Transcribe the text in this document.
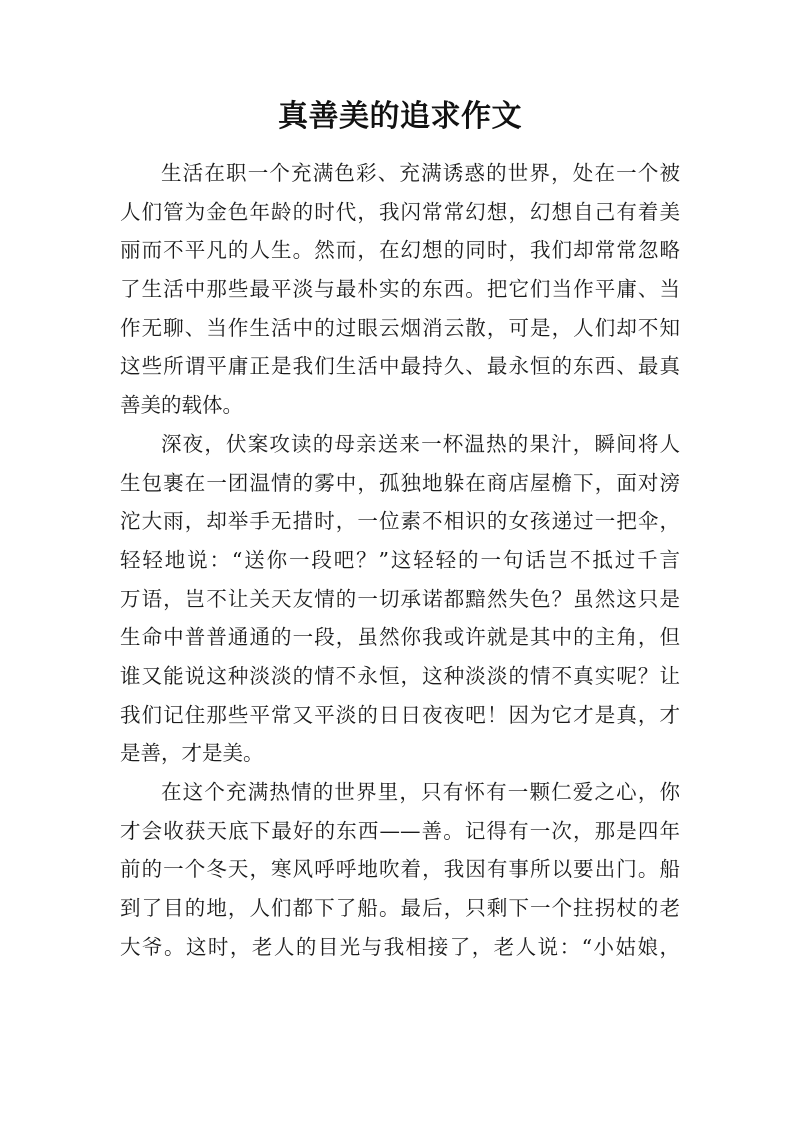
真善美的追求作文
生活在职一个充满色彩、充满诱惑的世界，处在一个被
人们管为金色年龄的时代，我闪常常幻想，幻想自己有着美
丽而不平凡的人生。然而，在幻想的同时，我们却常常忽略
了生活中那些最平淡与最朴实的东西。把它们当作平庸、当
作无聊、当作生活中的过眼云烟消云散，可是，人们却不知
这些所谓平庸正是我们生活中最持久、最永恒的东西、最真
善美的载体。
深夜，伏案攻读的母亲送来一杯温热的果汁，瞬间将人
生包裹在一团温情的雾中，孤独地躲在商店屋檐下，面对滂
沱大雨，却举手无措时，一位素不相识的女孩递过一把伞，
轻轻地说：“送你一段吧？”这轻轻的一句话岂不抵过千言
万语，岂不让关天友情的一切承诺都黯然失色？虽然这只是
生命中普普通通的一段，虽然你我或许就是其中的主角，但
谁又能说这种淡淡的情不永恒，这种淡淡的情不真实呢？让
我们记住那些平常又平淡的日日夜夜吧！因为它才是真，才
是善，才是美。
在这个充满热情的世界里，只有怀有一颗仁爱之心，你
才会收获天底下最好的东西——善。记得有一次，那是四年
前的一个冬天，寒风呼呼地吹着，我因有事所以要出门。船
到了目的地，人们都下了船。最后，只剩下一个拄拐杖的老
大爷。这时，老人的目光与我相接了，老人说：“小姑娘，
